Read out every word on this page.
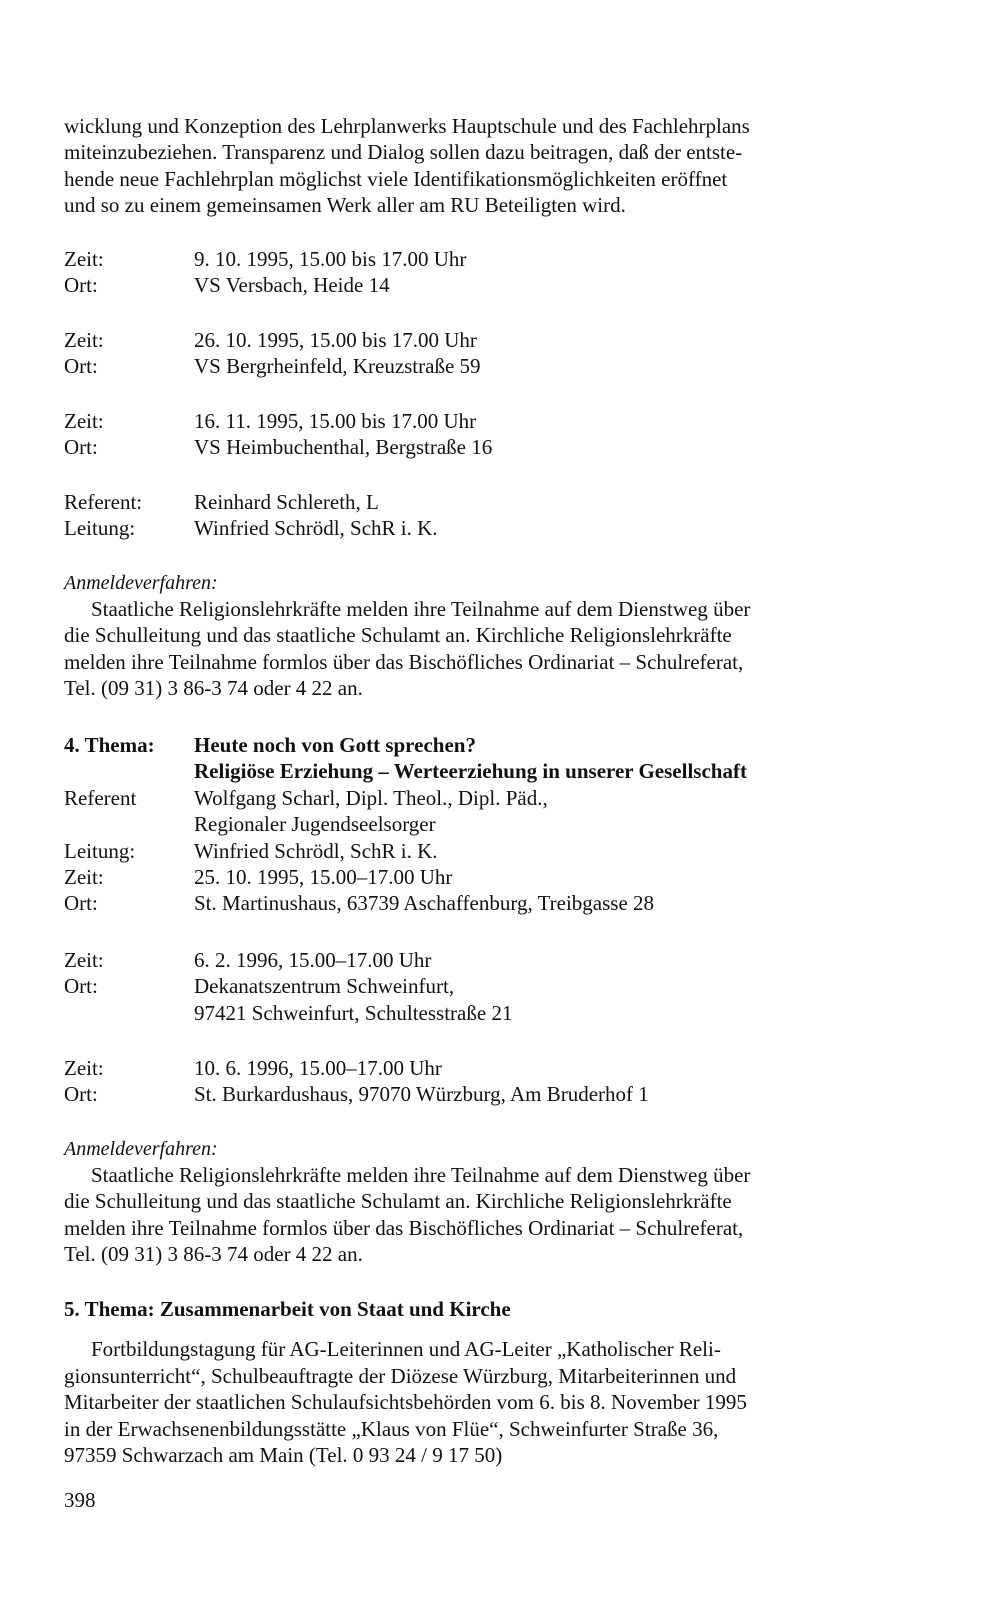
wicklung und Konzeption des Lehrplanwerks Hauptschule und des Fachlehrplans
miteinzubeziehen. Transparenz und Dialog sollen dazu beitragen, daß der entste-
hende neue Fachlehrplan möglichst viele Identifikationsmöglichkeiten eröffnet
und so zu einem gemeinsamen Werk aller am RU Beteiligten wird.

Zeit:	9. 10. 1995, 15.00 bis 17.00 Uhr
Ort:	VS Versbach, Heide 14
Zeit:	26. 10. 1995, 15.00 bis 17.00 Uhr
Ort:	VS Bergrheinfeld, Kreuzstraße 59
Zeit:	16. 11. 1995, 15.00 bis 17.00 Uhr
Ort:	VS Heimbuchenthal, Bergstraße 16
Referent:	Reinhard Schlereth, L
Leitung:	Winfried Schrödl, SchR i. K.

Anmeldeverfahren:

Staatliche Religionslehrkräfte melden ihre Teilnahme auf dem Dienstweg über
die Schulleitung und das staatliche Schulamt an. Kirchliche Religionslehrkräfte
melden ihre Teilnahme formlos über das Bischöfliches Ordinariat – Schulreferat,
Tel. (09 31) 3 86-3 74 oder 4 22 an.

4. Thema:	Heute noch von Gott sprechen?
Religiöse Erziehung – Werteerziehung in unserer Gesellschaft
Referent	Wolfgang Scharl, Dipl. Theol., Dipl. Päd.,
Regionaler Jugendseelsorger
Leitung:	Winfried Schrödl, SchR i. K.
Zeit:	25. 10. 1995, 15.00–17.00 Uhr
Ort:	St. Martinushaus, 63739 Aschaffenburg, Treibgasse 28
Zeit:	6. 2. 1996, 15.00–17.00 Uhr
Ort:	Dekanatszentrum Schweinfurt,
97421 Schweinfurt, Schultesstraße 21
Zeit:	10. 6. 1996, 15.00–17.00 Uhr
Ort:	St. Burkardushaus, 97070 Würzburg, Am Bruderhof 1

Anmeldeverfahren:

Staatliche Religionslehrkräfte melden ihre Teilnahme auf dem Dienstweg über
die Schulleitung und das staatliche Schulamt an. Kirchliche Religionslehrkräfte
melden ihre Teilnahme formlos über das Bischöfliches Ordinariat – Schulreferat,
Tel. (09 31) 3 86-3 74 oder 4 22 an.

5. Thema: Zusammenarbeit von Staat und Kirche

Fortbildungstagung für AG-Leiterinnen und AG-Leiter „Katholischer Reli-
gionsunterricht“, Schulbeauftragte der Diözese Würzburg, Mitarbeiterinnen und
Mitarbeiter der staatlichen Schulaufsichtsbehörden vom 6. bis 8. November 1995
in der Erwachsenenbildungsstätte „Klaus von Flüe“, Schweinfurter Straße 36,
97359 Schwarzach am Main (Tel. 0 93 24 / 9 17 50)

398
